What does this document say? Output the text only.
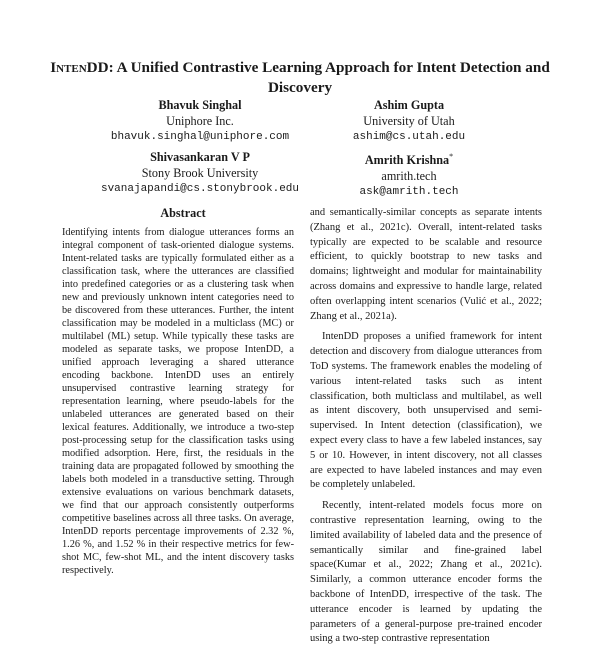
IntenDD: A Unified Contrastive Learning Approach for Intent Detection and Discovery
Bhavuk Singhal
Uniphore Inc.
bhavuk.singhal@uniphore.com
Ashim Gupta
University of Utah
ashim@cs.utah.edu
Shivasankaran V P
Stony Brook University
svanajapandi@cs.stonybrook.edu
Amrith Krishna*
amrith.tech
ask@amrith.tech
Abstract

Identifying intents from dialogue utterances forms an integral component of task-oriented dialogue systems. Intent-related tasks are typically formulated either as a classification task, where the utterances are classified into predefined categories or as a clustering task when new and previously unknown intent categories need to be discovered from these utterances. Further, the intent classification may be modeled in a multiclass (MC) or multilabel (ML) setup. While typically these tasks are modeled as separate tasks, we propose IntenDD, a unified approach leveraging a shared utterance encoding backbone. IntenDD uses an entirely unsupervised contrastive learning strategy for representation learning, where pseudo-labels for the unlabeled utterances are generated based on their lexical features. Additionally, we introduce a two-step post-processing setup for the classification tasks using modified adsorption. Here, first, the residuals in the training data are propagated followed by smoothing the labels both modeled in a transductive setting. Through extensive evaluations on various benchmark datasets, we find that our approach consistently outperforms competitive baselines across all three tasks. On average, IntenDD reports percentage improvements of 2.32 %, 1.26 %, and 1.52 % in their respective metrics for few-shot MC, few-shot ML, and the intent discovery tasks respectively.

and semantically-similar concepts as separate intents (Zhang et al., 2021c). Overall, intent-related tasks typically are expected to be scalable and resource efficient, to quickly bootstrap to new tasks and domains; lightweight and modular for maintainability across domains and expressive to handle large, related often overlapping intent scenarios (Vulić et al., 2022; Zhang et al., 2021a).

IntenDD proposes a unified framework for intent detection and discovery from dialogue utterances from ToD systems. The framework enables the modeling of various intent-related tasks such as intent classification, both multiclass and multilabel, as well as intent discovery, both unsupervised and semi-supervised. In Intent detection (classification), we expect every class to have a few labeled instances, say 5 or 10. However, in intent discovery, not all classes are expected to have labeled instances and may even be completely unlabeled.

Recently, intent-related models focus more on contrastive representation learning, owing to the limited availability of labeled data and the presence of semantically similar and fine-grained label space(Kumar et al., 2022; Zhang et al., 2021c). Similarly, a common utterance encoder forms the backbone of IntenDD, irrespective of the task. The utterance encoder is learned by updating the parameters of a general-purpose pre-trained encoder using a two-step contrastive representation
